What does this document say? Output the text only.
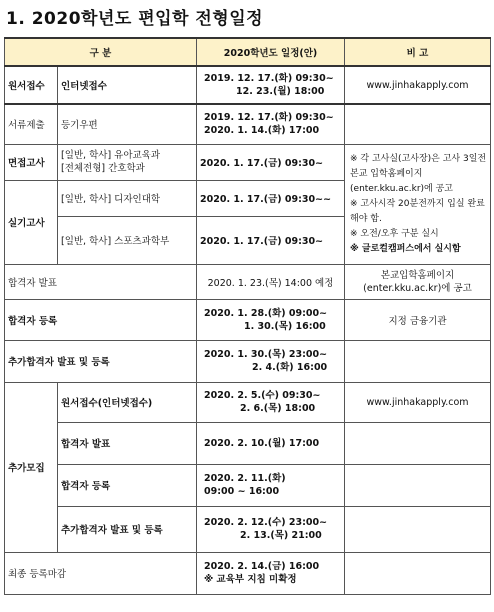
1. 2020학년도 편입학 전형일정
구 분		2020학년도 일정(안)	비 고
원서접수	인터넷접수	2019. 12. 17.(화) 09:30~
12. 23.(월) 18:00	www.jinhakapply.com
서류제출	등기우편	2019. 12. 17.(화) 09:30~
2020. 1. 14.(화) 17:00	

면접고사	[일반, 학사] 유아교육과
[전체전형] 간호학과	2020. 1. 17.(금) 09:30~	※ 각 고사실(고사장)은 고사 3일전 본교 입학홈페이지(enter.kku.ac.kr)에 공고
※ 고사시작 20분전까지 입실 완료해야 함.
※ 오전/오후 구분 실시
※ 글로컬캠퍼스에서 실시함

실기고사	[일반, 학사] 디자인대학	2020. 1. 17.(금) 09:30~~	
	[일반, 학사] 스포츠과학부	2020. 1. 17.(금) 09:30~	
합격자 발표		2020. 1. 23.(목) 14:00 예정	본교입학홈페이지
(enter.kku.ac.kr)에 공고

합격자 등록		2020. 1. 28.(화) 09:00~
1. 30.(목) 16:00	지정 금융기관
추가합격자 발표 및 등록		2020. 1. 30.(목) 23:00~
2. 4.(화) 16:00	

추가모집	원서접수(인터넷접수)	2020. 2. 5.(수) 09:30~
2. 6.(목) 18:00	www.jinhakapply.com
	합격자 발표	2020. 2. 10.(월) 17:00	

	합격자 등록	2020. 2. 11.(화)
09:00 ~ 16:00	

	추가합격자 발표 및 등록	2020. 2. 12.(수) 23:00~
2. 13.(목) 21:00	

최종 등록마감		2020. 2. 14.(금) 16:00
※ 교육부 지침 미확정	
